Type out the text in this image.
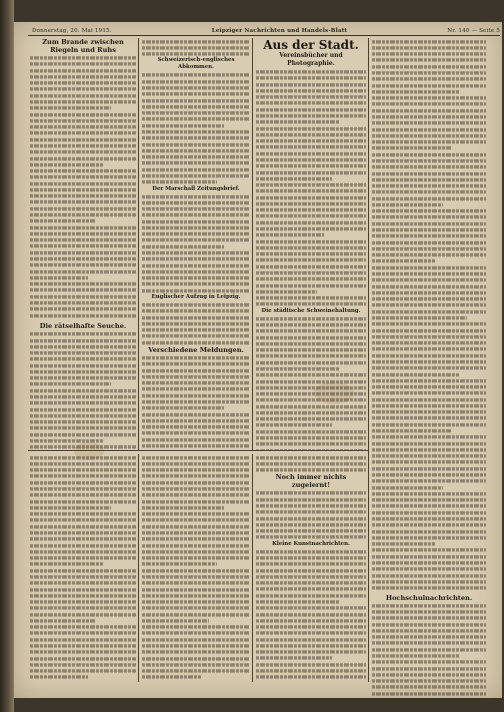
Donnerstag, 20. Mai 1915.	Leipziger Nachrichten und Handels-Blatt	Nr. 140 — Seite 5
Zum Brande zwischen Riegeln und Ruhs
Die rätselhafte Seuche.
Schweizerisch-englisches Abkommen.
Der Marschall Zeitungsbrief.
Englischer Aufzug in Leipzig.
Verschiedene Meldungen.
Aus der Stadt.
Vereinsbücher und Photographie.
Die städtische Schweinehaltung.
Hochschulnachrichten.
Noch immer nichts zugelernt!
Kleine Kunstnachrichten.
